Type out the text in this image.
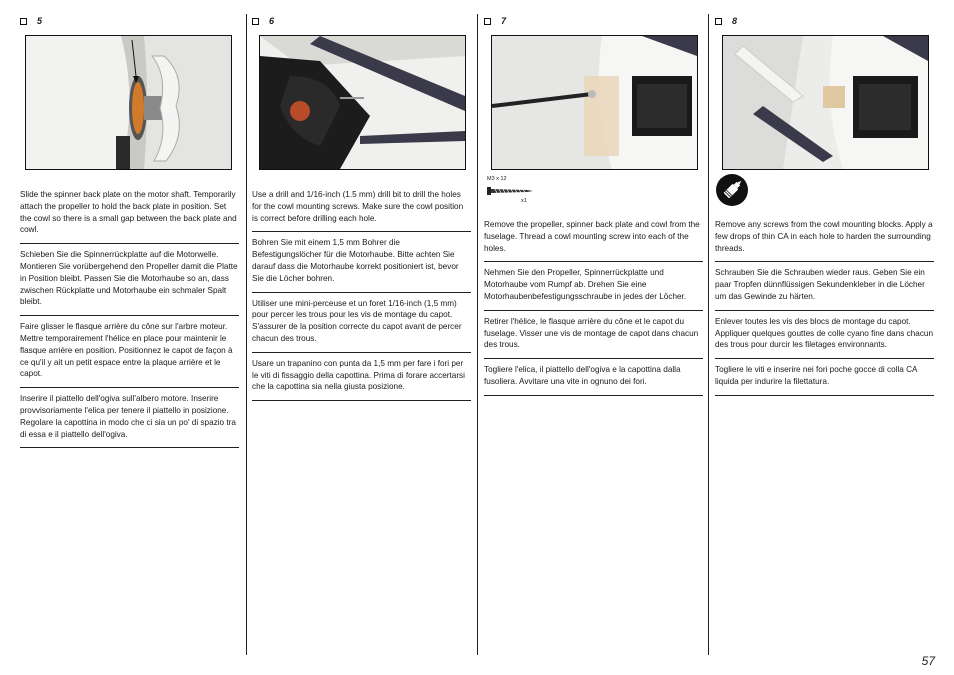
5

Slide the spinner back plate on the motor shaft. Temporarily attach the propeller to hold the back plate in position. Set the cowl so there is a small gap between the back plate and cowl.

Schieben Sie die Spinnerrückplatte auf die Motorwelle. Montieren Sie vorübergehend den Propeller damit die Platte in Position bleibt. Passen Sie die Motorhaube so an, dass zwischen Rückplatte und Motorhaube ein schmaler Spalt bleibt.

Faire glisser le flasque arrière du cône sur l'arbre moteur. Mettre temporairement l'hélice en place pour maintenir le flasque arrière en position. Positionnez le capot de façon à ce qu'il y ait un petit espace entre la plaque arrière et le capot.

Inserire il piattello dell'ogiva sull'albero motore. Inserire provvisoriamente l'elica per tenere il piattello in posizione. Regolare la capottina in modo che ci sia un po' di spazio tra di essa e il piattello dell'ogiva.

6

Use a drill and 1/16-inch (1.5 mm) drill bit to drill the holes for the cowl mounting screws. Make sure the cowl position is correct before drilling each hole.

Bohren Sie mit einem 1,5 mm Bohrer die Befestigungslöcher für die Motorhaube. Bitte achten Sie darauf dass die Motorhaube korrekt positioniert ist, bevor Sie die Löcher bohren.

Utiliser une mini-perceuse et un foret 1/16-inch (1,5 mm) pour percer les trous pour les vis de montage du capot. S'assurer de la position correcte du capot avant de percer chacun des trous.

Usare un trapanino con punta da 1,5 mm per fare i fori per le viti di fissaggio della capottina. Prima di forare accertarsi che la capottina sia nella giusta posizione.

7
M3 x 12
x1

Remove the propeller, spinner back plate and cowl from the fuselage. Thread a cowl mounting screw into each of the holes.

Nehmen Sie den Propeller, Spinnerrückplatte und Motorhaube vom Rumpf ab. Drehen Sie eine Motorhaubenbefestigungsschraube in jedes der Löcher.

Retirer l'hélice, le flasque arrière du cône et le capot du fuselage. Visser une vis de montage de capot dans chacun des trous.

Togliere l'elica, il piattello dell'ogiva e la capottina dalla fusoliera. Avvitare una vite in ognuno dei fori.

8

Remove any screws from the cowl mounting blocks. Apply a few drops of thin CA in each hole to harden the surrounding threads.

Schrauben Sie die Schrauben wieder raus. Geben Sie ein paar Tropfen dünnflüssigen Sekundenkleber in die Löcher um das Gewinde zu härten.

Enlever toutes les vis des blocs de montage du capot. Appliquer quelques gouttes de colle cyano fine dans chacun des trous pour durcir les filetages environnants.

Togliere le viti e inserire nei fori poche gocce di colla CA liquida per indurire la filettatura.

57
